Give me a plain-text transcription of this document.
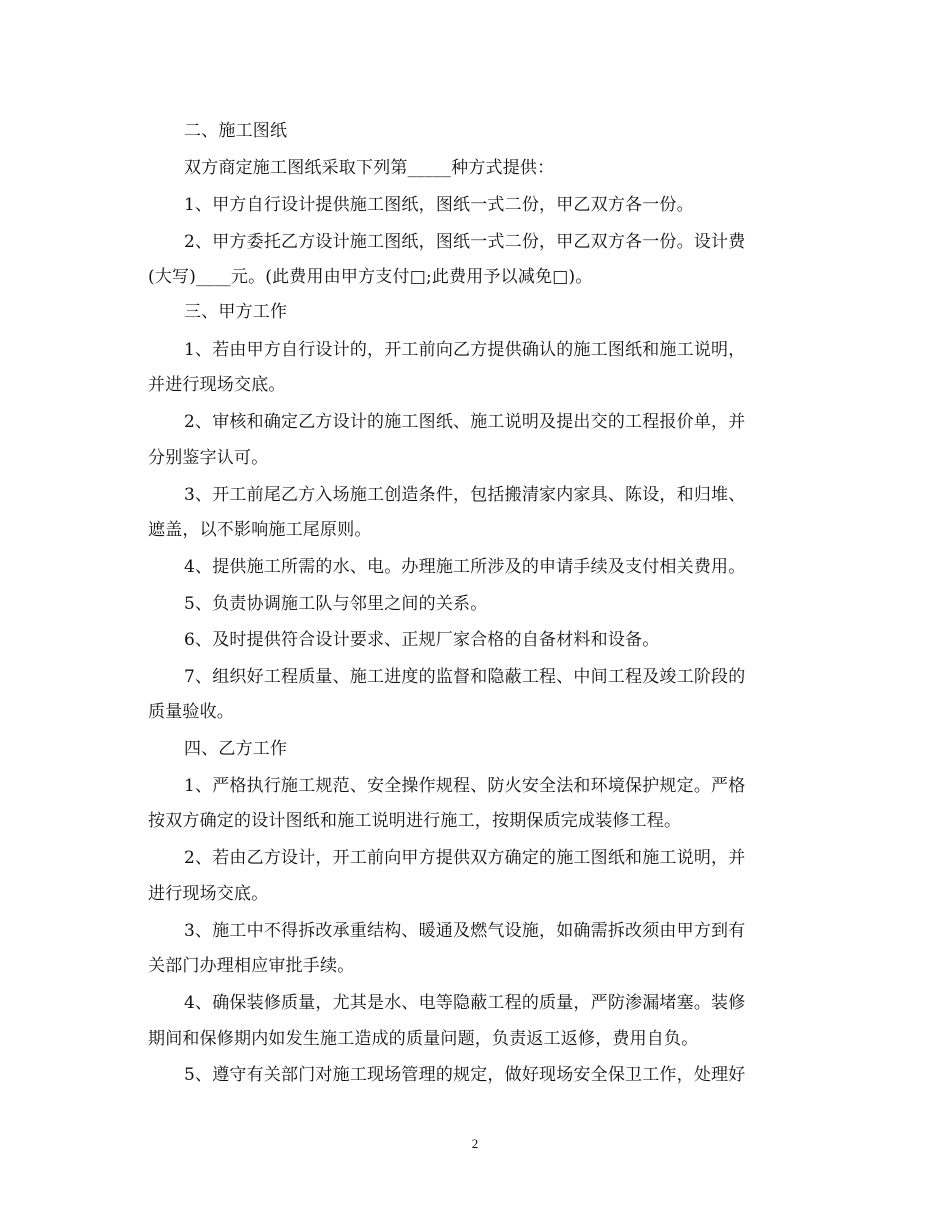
二、施工图纸
双方商定施工图纸采取下列第_____种方式提供：
1、甲方自行设计提供施工图纸，图纸一式二份，甲乙双方各一份。
2、甲方委托乙方设计施工图纸，图纸一式二份，甲乙双方各一份。设计费
(大写)____元。(此费用由甲方支付□;此费用予以减免□)。
三、甲方工作
1、若由甲方自行设计的，开工前向乙方提供确认的施工图纸和施工说明，
并进行现场交底。
2、审核和确定乙方设计的施工图纸、施工说明及提出交的工程报价单，并
分别鉴字认可。
3、开工前尾乙方入场施工创造条件，包括搬清家内家具、陈设，和归堆、
遮盖，以不影响施工尾原则。
4、提供施工所需的水、电。办理施工所涉及的申请手续及支付相关费用。
5、负责协调施工队与邻里之间的关系。
6、及时提供符合设计要求、正规厂家合格的自备材料和设备。
7、组织好工程质量、施工进度的监督和隐蔽工程、中间工程及竣工阶段的
质量验收。
四、乙方工作
1、严格执行施工规范、安全操作规程、防火安全法和环境保护规定。严格
按双方确定的设计图纸和施工说明进行施工，按期保质完成装修工程。
2、若由乙方设计，开工前向甲方提供双方确定的施工图纸和施工说明，并
进行现场交底。
3、施工中不得拆改承重结构、暖通及燃气设施，如确需拆改须由甲方到有
关部门办理相应审批手续。
4、确保装修质量，尤其是水、电等隐蔽工程的质量，严防渗漏堵塞。装修
期间和保修期内如发生施工造成的质量问题，负责返工返修，费用自负。
5、遵守有关部门对施工现场管理的规定，做好现场安全保卫工作，处理好
2
